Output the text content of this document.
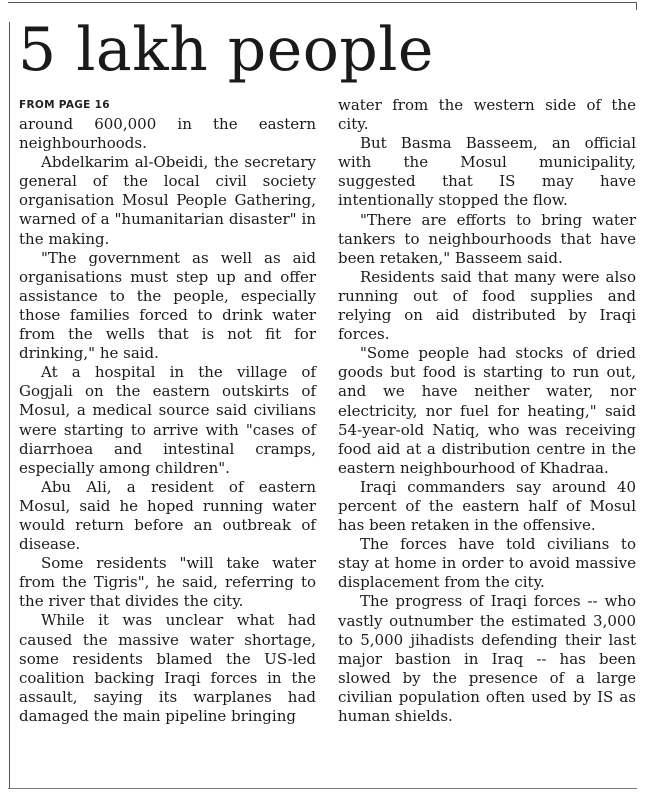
5 lakh people
FROM PAGE 16

around 600,000 in the eastern neighbourhoods.

Abdelkarim al-Obeidi, the secretary general of the local civil society organisation Mosul People Gathering, warned of a "humanitarian disaster" in the making.

"The government as well as aid organisations must step up and offer assistance to the people, especially those families forced to drink water from the wells that is not fit for drinking," he said.

At a hospital in the village of Gogjali on the eastern outskirts of Mosul, a medical source said civilians were starting to arrive with "cases of diarrhoea and intestinal cramps, especially among children".

Abu Ali, a resident of eastern Mosul, said he hoped running water would return before an outbreak of disease.

Some residents "will take water from the Tigris", he said, referring to the river that divides the city.

While it was unclear what had caused the massive water shortage, some residents blamed the US-led coalition backing Iraqi forces in the assault, saying its warplanes had damaged the main pipeline bringing

water from the western side of the city.

But Basma Basseem, an official with the Mosul municipality, suggested that IS may have intentionally stopped the flow.

"There are efforts to bring water tankers to neighbourhoods that have been retaken," Basseem said.

Residents said that many were also running out of food supplies and relying on aid distributed by Iraqi forces.

"Some people had stocks of dried goods but food is starting to run out, and we have neither water, nor electricity, nor fuel for heating," said 54-year-old Natiq, who was receiving food aid at a distribution centre in the eastern neighbourhood of Khadraa.

Iraqi commanders say around 40 percent of the eastern half of Mosul has been retaken in the offensive.

The forces have told civilians to stay at home in order to avoid massive displacement from the city.

The progress of Iraqi forces -- who vastly outnumber the estimated 3,000 to 5,000 jihadists defending their last major bastion in Iraq -- has been slowed by the presence of a large civilian population often used by IS as human shields.
